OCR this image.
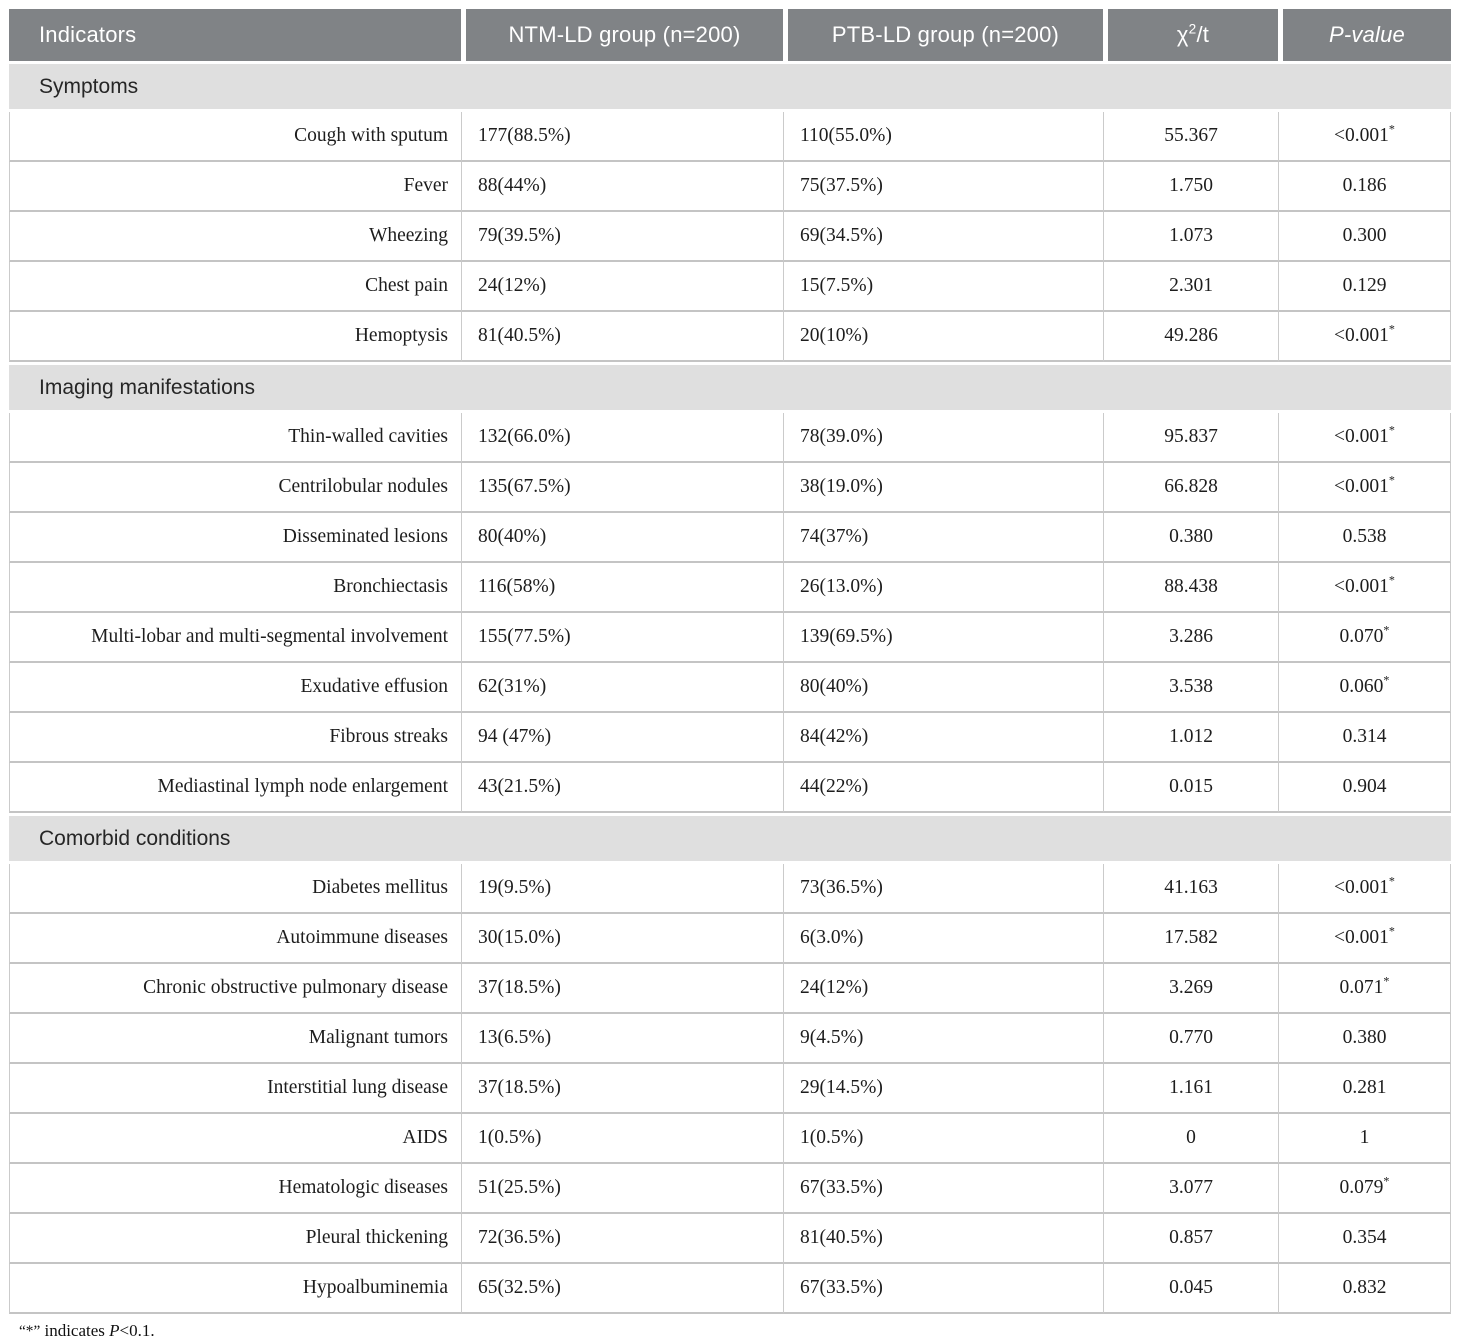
Indicators	NTM-LD group (n=200)	PTB-LD group (n=200)	$\chi^2/t$	P-value
Symptoms				
Cough with sputum	177(88.5%)	110(55.0%)	55.367	<0.001*
Fever	88(44%)	75(37.5%)	1.750	0.186
Wheezing	79(39.5%)	69(34.5%)	1.073	0.300
Chest pain	24(12%)	15(7.5%)	2.301	0.129
Hemoptysis	81(40.5%)	20(10%)	49.286	<0.001*
Imaging manifestations				
Thin-walled cavities	132(66.0%)	78(39.0%)	95.837	<0.001*
Centrilobular nodules	135(67.5%)	38(19.0%)	66.828	<0.001*
Disseminated lesions	80(40%)	74(37%)	0.380	0.538
Bronchiectasis	116(58%)	26(13.0%)	88.438	<0.001*
Multi-lobar and multi-segmental involvement	155(77.5%)	139(69.5%)	3.286	0.070*
Exudative effusion	62(31%)	80(40%)	3.538	0.060*
Fibrous streaks	94 (47%)	84(42%)	1.012	0.314
Mediastinal lymph node enlargement	43(21.5%)	44(22%)	0.015	0.904
Comorbid conditions				
Diabetes mellitus	19(9.5%)	73(36.5%)	41.163	<0.001*
Autoimmune diseases	30(15.0%)	6(3.0%)	17.582	<0.001*
Chronic obstructive pulmonary disease	37(18.5%)	24(12%)	3.269	0.071*
Malignant tumors	13(6.5%)	9(4.5%)	0.770	0.380
Interstitial lung disease	37(18.5%)	29(14.5%)	1.161	0.281
AIDS	1(0.5%)	1(0.5%)	0	1
Hematologic diseases	51(25.5%)	67(33.5%)	3.077	0.079*
Pleural thickening	72(36.5%)	81(40.5%)	0.857	0.354
Hypoalbuminemia	65(32.5%)	67(33.5%)	0.045	0.832
“*” indicates P<0.1.
